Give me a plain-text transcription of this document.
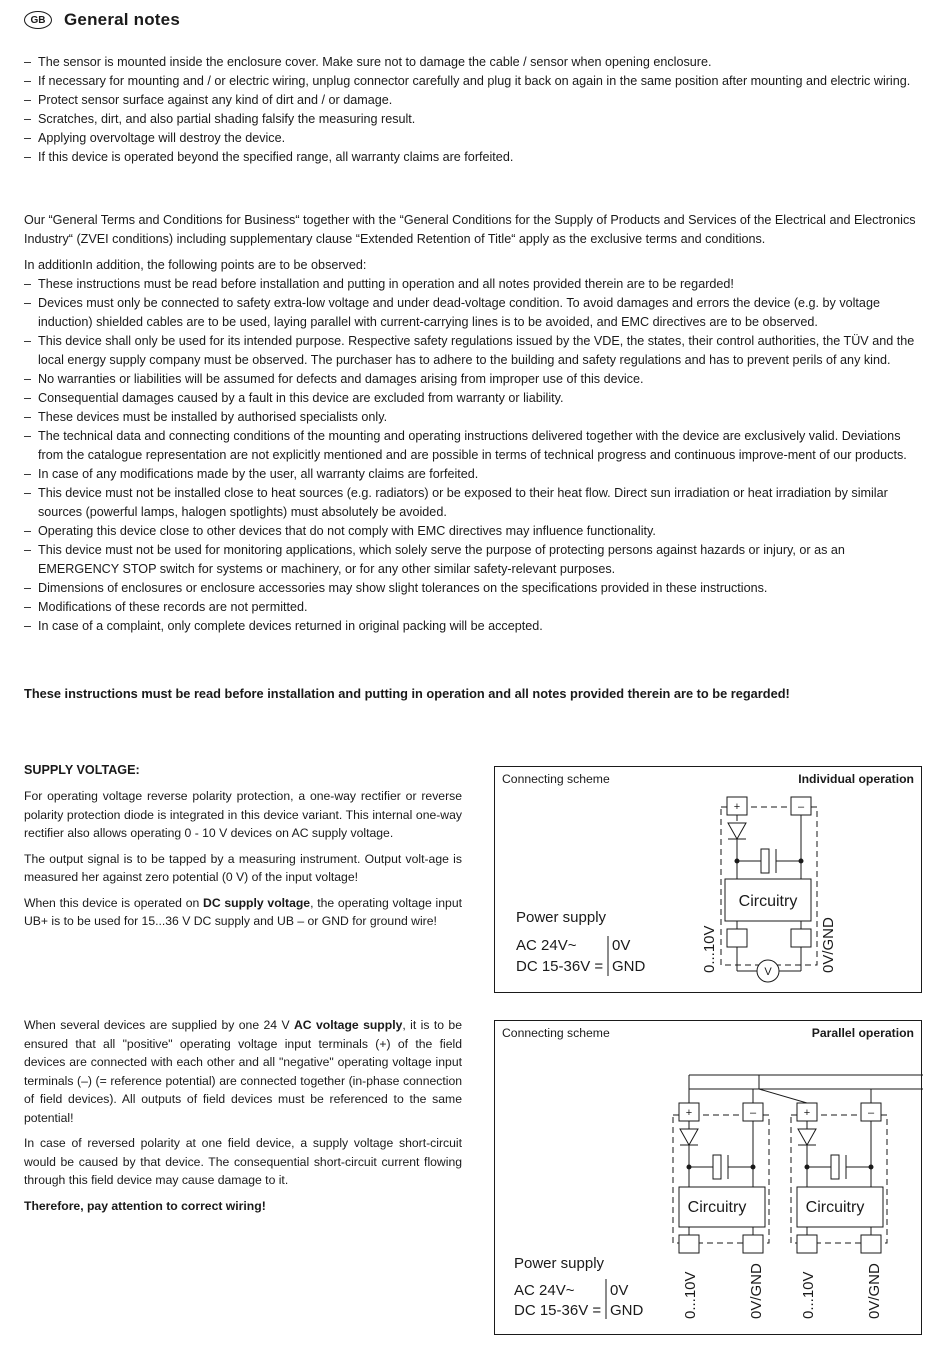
GB	General notes
– The sensor is mounted inside the enclosure cover. Make sure not to damage the cable / sensor when opening enclosure.
– If necessary for mounting and / or electric wiring, unplug connector carefully and plug it back on again in the same position after mounting and electric wiring.
– Protect sensor surface against any kind of dirt and / or damage.
– Scratches, dirt, and also partial shading falsify the measuring result.
– Applying overvoltage will destroy the device.
– If this device is operated beyond the specified range, all warranty claims are forfeited.

Our “General Terms and Conditions for Business“ together with the “General Conditions for the Supply of Products and Services of the Electrical and Electronics Industry“ (ZVEI conditions) including supplementary clause “Extended Retention of Title“ apply as the exclusive terms and conditions.

In additionIn addition, the following points are to be observed:

– These instructions must be read before installation and putting in operation and all notes provided therein are to be regarded!
– Devices must only be connected to safety extra-low voltage and under dead-voltage condition. To avoid damages and errors the device (e.g. by voltage induction) shielded cables are to be used, laying parallel with current-carrying lines is to be avoided, and EMC directives are to be observed.
– This device shall only be used for its intended purpose. Respective safety regulations issued by the VDE, the states, their control authorities, the TÜV and the local energy supply company must be observed. The purchaser has to adhere to the building and safety regulations and has to prevent perils of any kind.
– No warranties or liabilities will be assumed for defects and damages arising from improper use of this device.
– Consequential damages caused by a fault in this device are excluded from warranty or liability.
– These devices must be installed by authorised specialists only.
– The technical data and connecting conditions of the mounting and operating instructions delivered together with the device are exclusively valid. Deviations from the catalogue representation are not explicitly mentioned and are possible in terms of technical progress and continuous improve-ment of our products.
– In case of any modifications made by the user, all warranty claims are forfeited.
– This device must not be installed close to heat sources (e.g. radiators) or be exposed to their heat flow. Direct sun irradiation or heat irradiation by similar sources (powerful lamps, halogen spotlights) must absolutely be avoided.
– Operating this device close to other devices that do not comply with EMC directives may influence functionality.
– This device must not be used for monitoring applications, which solely serve the purpose of protecting persons against hazards or injury, or as an EMERGENCY STOP switch for systems or machinery, or for any other similar safety-relevant purposes.
– Dimensions of enclosures or enclosure accessories may show slight tolerances on the specifications provided in these instructions.
– Modifications of these records are not permitted.
– In case of a complaint, only complete devices returned in original packing will be accepted.

These instructions must be read before installation and putting in operation and all notes provided therein are to be regarded!

SUPPLY VOLTAGE:

For operating voltage reverse polarity protection, a one-way rectifier or reverse polarity protection diode is integrated in this device variant. This internal one-way rectifier also allows operating 0 - 10 V devices on AC supply voltage.

The output signal is to be tapped by a measuring instrument. Output volt-age is measured her against zero potential (0 V) of the input voltage!

When this device is operated on DC supply voltage, the operating voltage input UB+ is to be used for 15...36 V DC supply and UB – or GND for ground wire!

When several devices are supplied by one 24 V AC voltage supply, it is to be ensured that all "positive" operating voltage input terminals (+) of the field devices are connected with each other and all "negative" operating voltage input terminals (–) (= reference potential) are connected together (in-phase connection of field devices). All outputs of field devices must be referenced to the same potential!

In case of reversed polarity at one field device, a supply voltage short-circuit would be caused by that device. The consequential short-circuit current flowing through this field device may cause damage to it.

Therefore, pay attention to correct wiring!

Connecting scheme	Individual operation
+	–
Circuitry
V
Power supply
AC 24V~
DC 15-36V =
0V
GND	0...10V	0V/GND
Connecting scheme	Parallel operation
+	–	+	–
Circuitry	Circuitry
Power supply
AC 24V~
DC 15-36V =
0V
GND	0...10V	0V/GND 0...10V	0V/GND
